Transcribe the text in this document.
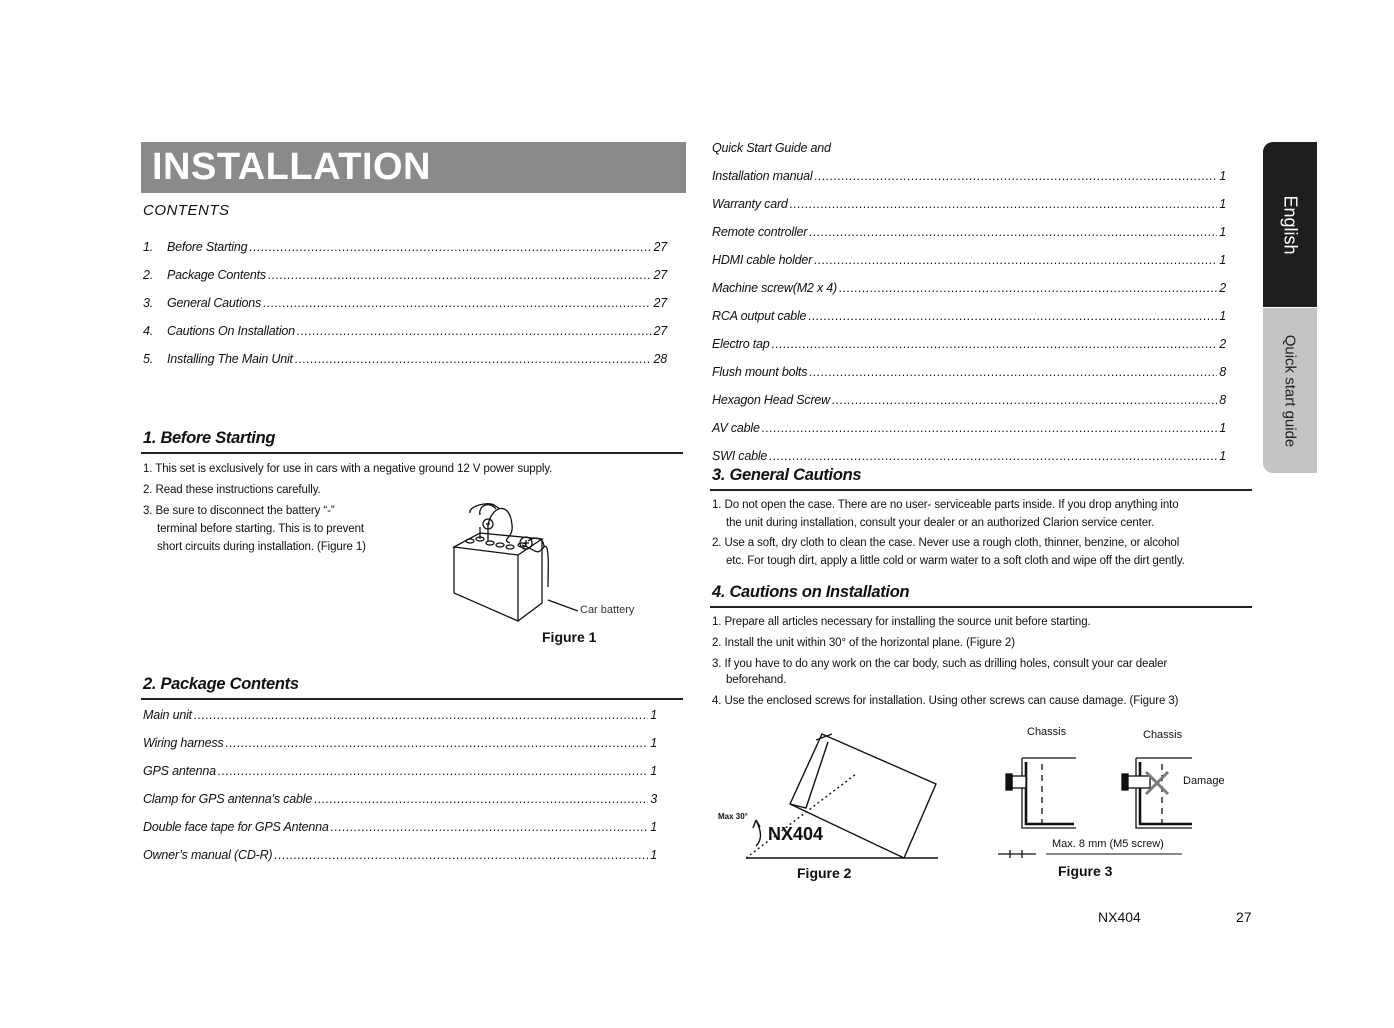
INSTALLATION
CONTENTS
1.	Before Starting .....	27
2.	Package Contents .....	27
3.	General Cautions .....	27
4.	Cautions On Installation .....	27
5.	Installing The Main Unit .....	28
1. Before Starting
1. This set is exclusively for use in cars with a negative ground 12 V power supply.
2. Read these instructions carefully.
3. Be sure to disconnect the battery “-”
terminal before starting. This is to prevent
short circuits during installation. (Figure 1)
Car battery
Figure 1
2. Package Contents
Main unit .....	1
Wiring harness .....	1
GPS antenna .....	1
Clamp for GPS antenna’s cable .....	3
Double face tape for GPS Antenna .....	1
Owner’s manual (CD-R) .....	1
Quick Start Guide and
Installation manual .....	1
Warranty card .....	1
Remote controller .....	1
HDMI cable holder .....	1
Machine screw(M2 x 4) .....	2
RCA output cable .....	1
Electro tap .....	2
Flush mount bolts .....	8
Hexagon Head Screw .....	8
AV cable .....	1
SWI cable .....	1
3. General Cautions
1. Do not open the case. There are no user- serviceable parts inside. If you drop anything into
the unit during installation, consult your dealer or an authorized Clarion service center.
2. Use a soft, dry cloth to clean the case. Never use a rough cloth, thinner, benzine, or alcohol
etc. For tough dirt, apply a little cold or warm water to a soft cloth and wipe off the dirt gently.
4. Cautions on Installation
1. Prepare all articles necessary for installing the source unit before starting.
2. Install the unit within 30° of the horizontal plane. (Figure 2)
3. If you have to do any work on the car body, such as drilling holes, consult your car dealer
beforehand.
4. Use the enclosed screws for installation. Using other screws can cause damage. (Figure 3)
Max 30°
NX404
Figure 2
Chassis	Chassis
Damage
Max. 8 mm (M5 screw)
Figure 3
English
Quick start guide
NX404	27
